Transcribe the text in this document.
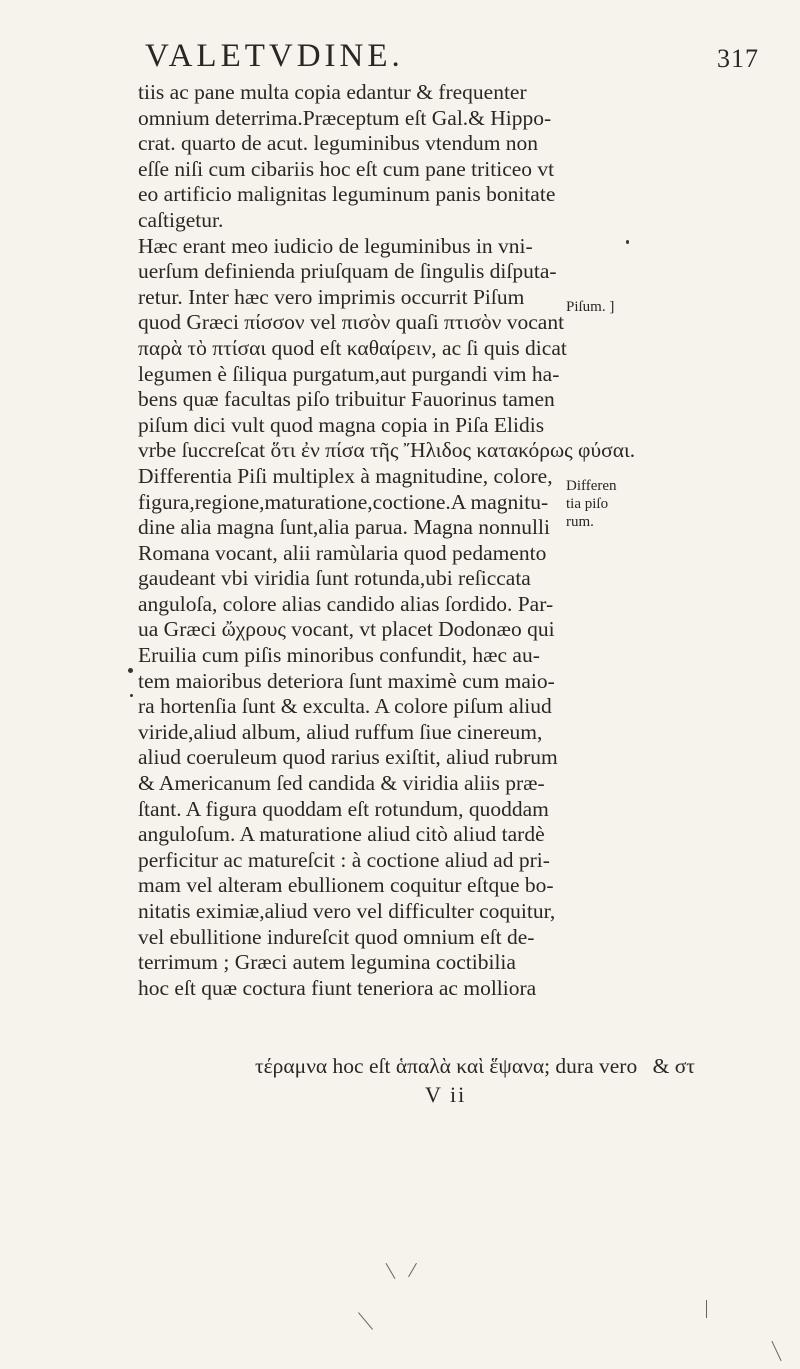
VALETVDINE.	317
tiis ac pane multa copia edantur & frequenter
omnium deterrima.Præceptum eſt Gal.& Hippo-
crat. quarto de acut. leguminibus vtendum non
eſſe niſi cum cibariis hoc eſt cum pane triticeo vt
eo artificio malignitas leguminum panis bonitate
caſtigetur.
Hæc erant meo iudicio de leguminibus in vni-
uerſum definienda priuſquam de ſingulis diſputa-
retur. Inter hæc vero imprimis occurrit Piſum
quod Græci πίσσον vel πισὸν quaſi πτισὸν vocant
παρὰ τὸ πτίσαι quod eſt καθαίρειν, ac ſi quis dicat
legumen è ſiliqua purgatum,aut purgandi vim ha-
bens quæ facultas piſo tribuitur Fauorinus tamen
piſum dici vult quod magna copia in Piſa Elidis
vrbe ſuccreſcat ὅτι ἐν πίσα τῆς Ἤλιδος κατακόρως φύσαι.
Differentia Piſi multiplex à magnitudine, colore,
figura,regione,maturatione,coctione.A magnitu-
dine alia magna ſunt,alia parua. Magna nonnulli
Romana vocant, alii ramùlaria quod pedamento
gaudeant vbi viridia ſunt rotunda,ubi reſiccata
anguloſa, colore alias candido alias ſordido. Par-
ua Græci ὤχρους vocant, vt placet Dodonæo qui
Eruilia cum piſis minoribus confundit, hæc au-
tem maioribus deteriora ſunt maximè cum maio-
ra hortenſia ſunt & exculta. A colore piſum aliud
viride,aliud album, aliud ruffum ſiue cinereum,
aliud coeruleum quod rarius exiſtit, aliud rubrum
& Americanum ſed candida & viridia aliis præ-
ſtant. A figura quoddam eſt rotundum, quoddam
anguloſum. A maturatione aliud citò aliud tardè
perficitur ac matureſcit : à coctione aliud ad pri-
mam vel alteram ebullionem coquitur eſtque bo-
nitatis eximiæ,aliud vero vel difficulter coquitur,
vel ebullitione indureſcit quod omnium eſt de-
terrimum ; Græci autem legumina coctibilia
hoc eſt quæ coctura fiunt teneriora ac molliora
Piſum. ]
Differen
tia piſo
rum.
τέραμνα hoc eſt ἁπαλὰ καὶ ἕψανα; dura vero & στ
V ii
